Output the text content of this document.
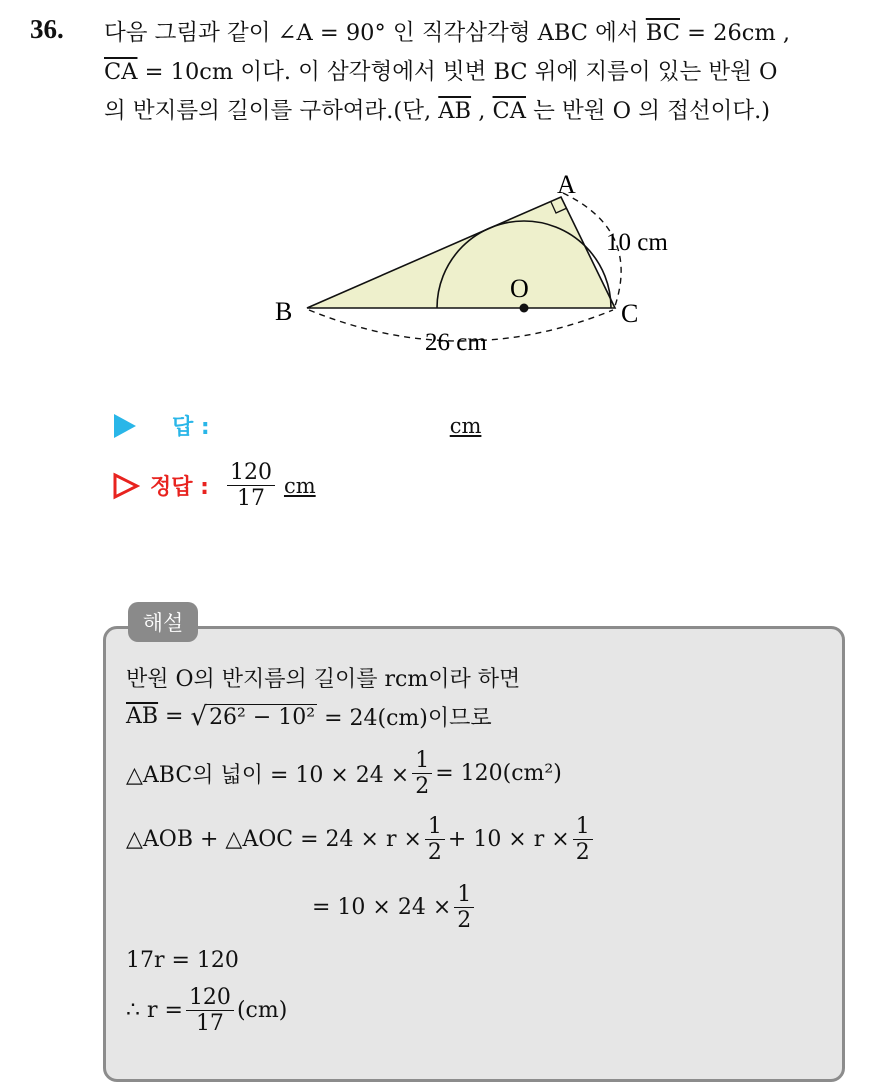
36. 다음 그림과 같이 ∠A = 90° 인 직각삼각형 ABC 에서 $\overline{BC} = 26cm$ ,
$\overline{CA} = 10cm$ 이다. 이 삼각형에서 빗변 BC 위에 지름이 있는 반원 O
의 반지름의 길이를 구하여라.(단, $\overline{AB}$ , $\overline{CA}$ 는 반원 O 의 접선이다.)
A
B	C
O
10 cm
26 cm
답 :	cm
정답 : $\frac{120}{17}$ cm
해설
반원 O의 반지름의 길이를 rcm이라 하면
$\overline{AB}$ = √ 26² − 10² = 24(cm)이므로
△ABC의 넓이 = $10 \times 24 \times \frac{1}{2} = 120(cm^2)$
△AOB + △AOC = $24 \times r \times \frac{1}{2} + 10 \times r \times \frac{1}{2}$
= $10 \times 24 \times \frac{1}{2}$
17r = 120
∴ $r = \frac{120}{17} (cm)$
